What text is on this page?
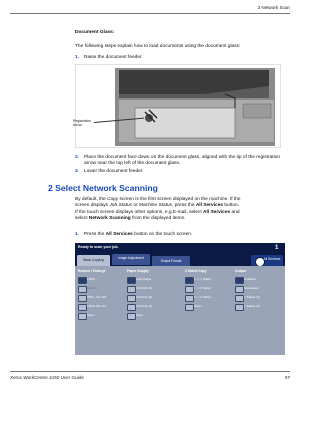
3 Network Scan
Document Glass:
The following steps explain how to load documents using the document glass:
1. Raise the document feeder.
Registration
Arrow
2. Place the document face down on the document glass, aligned with the tip of the registration arrow near the top left of the document glass.
3. Lower the document feeder.
2 Select Network Scanning
By default, the Copy screen is the first screen displayed on the machine. If the
screen displays Job Status or Machine Status, press the All Services button.
If the touch screen displays other options, e.g.E-mail, select All Services and
select Network Scanning from the displayed items.
1. Press the All Services button on the touch screen.
Ready to scan your job.	1
Basic Copying	Image Adjustment
Output Format	All Services
Reduce / Enlarge
100%
Auto %
25% - A4->A5
100% A5->A4
More...
Paper Supply
Auto Paper
1 8.5x11 (1)
2 8.5x11 (2)
3 8.5x11 (3)
More...
2 Sided Copy
1 -> 1 Sided
1 -> 2 Sided
2 -> 2 Sided
More...
Output
Collated
Uncollated
1 Staple (1)
1 Staple (2)
Xerox WorkCentre 4150 User Guide	57
